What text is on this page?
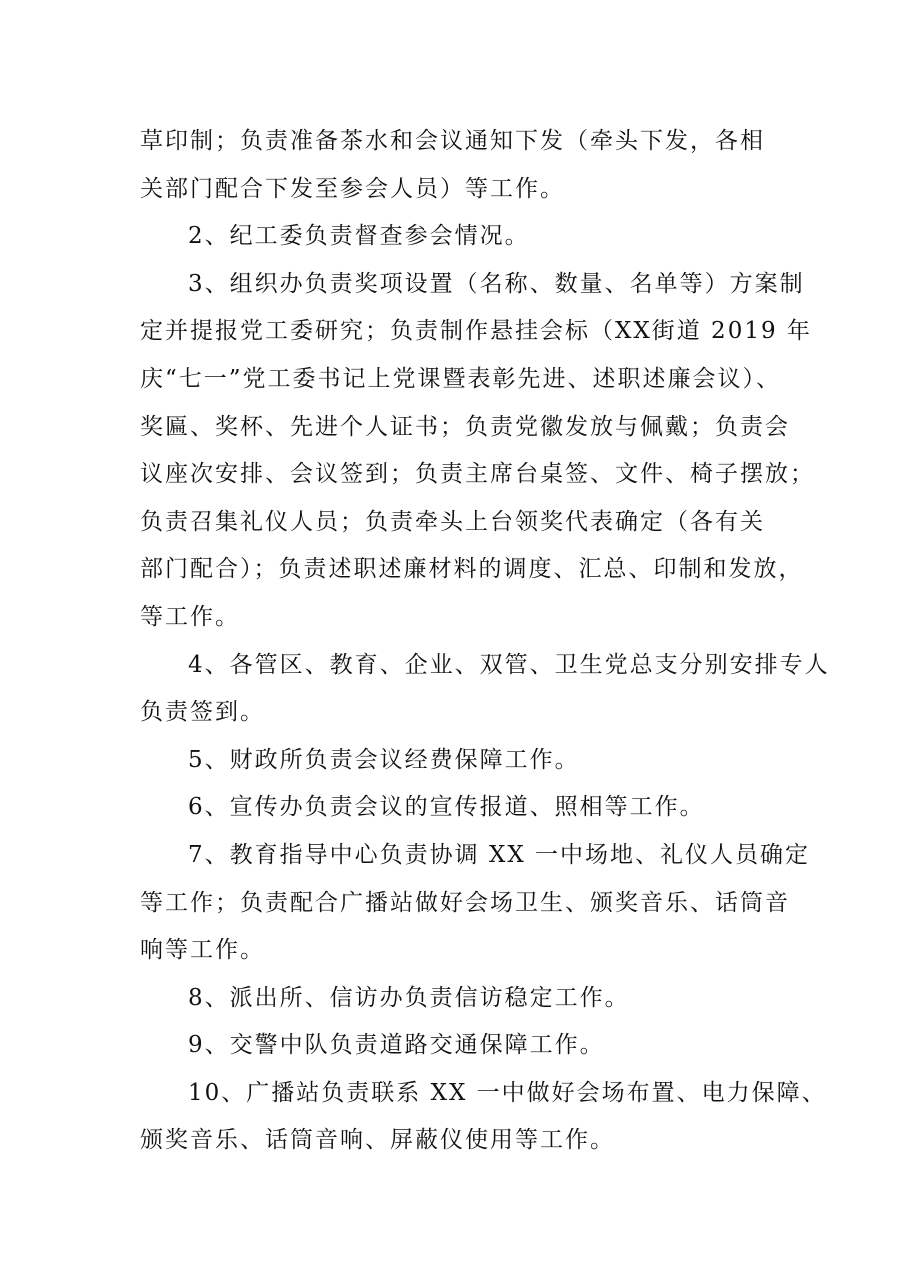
草印制；负责准备茶水和会议通知下发（牵头下发，各相
关部门配合下发至参会人员）等工作。
2、纪工委负责督查参会情况。
3、组织办负责奖项设置（名称、数量、名单等）方案制
定并提报党工委研究；负责制作悬挂会标（XX街道 2019 年
庆“七一”党工委书记上党课暨表彰先进、述职述廉会议）、
奖匾、奖杯、先进个人证书；负责党徽发放与佩戴；负责会
议座次安排、会议签到；负责主席台桌签、文件、椅子摆放；
负责召集礼仪人员；负责牵头上台领奖代表确定（各有关
部门配合）；负责述职述廉材料的调度、汇总、印制和发放，
等工作。
4、各管区、教育、企业、双管、卫生党总支分别安排专人
负责签到。
5、财政所负责会议经费保障工作。
6、宣传办负责会议的宣传报道、照相等工作。
7、教育指导中心负责协调 XX 一中场地、礼仪人员确定
等工作；负责配合广播站做好会场卫生、颁奖音乐、话筒音
响等工作。
8、派出所、信访办负责信访稳定工作。
9、交警中队负责道路交通保障工作。
10、广播站负责联系 XX 一中做好会场布置、电力保障、
颁奖音乐、话筒音响、屏蔽仪使用等工作。
